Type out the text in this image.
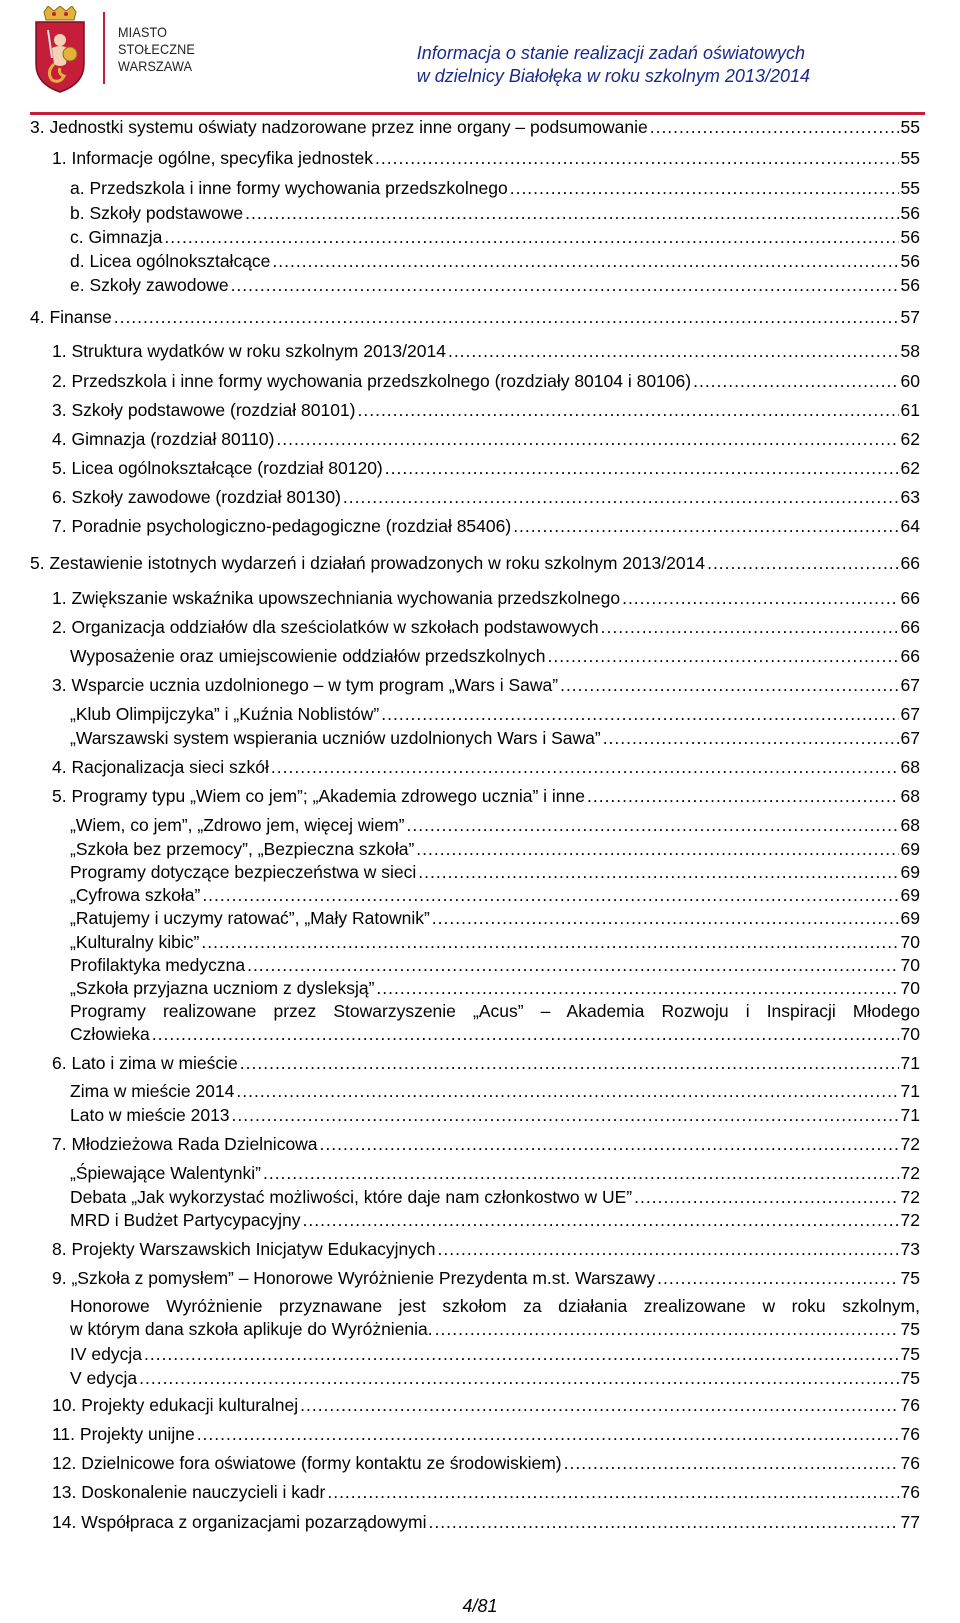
MIASTO
STOŁECZNE
WARSZAWA
Informacja o stanie realizacji zadań oświatowych
w dzielnicy Białołęka w roku szkolnym 2013/2014
3. Jednostki systemu oświaty nadzorowane przez inne organy – podsumowanie .....	55
1. Informacje ogólne, specyfika jednostek .....	55
a. Przedszkola i inne formy wychowania przedszkolnego .....	55
b. Szkoły podstawowe .....	56
c. Gimnazja .....	56
d. Licea ogólnokształcące .....	56
e. Szkoły zawodowe .....	56
4. Finanse .....	57
1. Struktura wydatków w roku szkolnym 2013/2014 .....	58
2. Przedszkola i inne formy wychowania przedszkolnego (rozdziały 80104 i 80106) .....	60
3. Szkoły podstawowe (rozdział 80101) .....	61
4. Gimnazja (rozdział 80110) .....	62
5. Licea ogólnokształcące (rozdział 80120) .....	62
6. Szkoły zawodowe (rozdział 80130) .....	63
7. Poradnie psychologiczno-pedagogiczne (rozdział 85406) .....	64
5. Zestawienie istotnych wydarzeń i działań prowadzonych w roku szkolnym 2013/2014 .....	66
1. Zwiększanie wskaźnika upowszechniania wychowania przedszkolnego .....	66
2. Organizacja oddziałów dla sześciolatków w szkołach podstawowych .....	66
Wyposażenie oraz umiejscowienie oddziałów przedszkolnych .....	66
3. Wsparcie ucznia uzdolnionego – w tym program „Wars i Sawa” .....	67
„Klub Olimpijczyka” i „Kuźnia Noblistów” .....	67
„Warszawski system wspierania uczniów uzdolnionych Wars i Sawa” .....	67
4. Racjonalizacja sieci szkół .....	68
5. Programy typu „Wiem co jem”; „Akademia zdrowego ucznia” i inne .....	68
„Wiem, co jem”, „Zdrowo jem, więcej wiem” .....	68
„Szkoła bez przemocy”, „Bezpieczna szkoła” .....	69
Programy dotyczące bezpieczeństwa w sieci .....	69
„Cyfrowa szkoła” .....	69
„Ratujemy i uczymy ratować”, „Mały Ratownik” .....	69
„Kulturalny kibic” .....	70
Profilaktyka medyczna .....	70
„Szkoła przyjazna uczniom z dysleksją” .....	70
Programy realizowane przez Stowarzyszenie „Acus” – Akademia Rozwoju i Inspiracji Młodego
Człowieka .....	70
6. Lato i zima w mieście .....	71
Zima w mieście 2014 .....	71
Lato w mieście 2013 .....	71
7. Młodzieżowa Rada Dzielnicowa .....	72
„Śpiewające Walentynki” .....	72
Debata „Jak wykorzystać możliwości, które daje nam członkostwo w UE” .....	72
MRD i Budżet Partycypacyjny .....	72
8. Projekty Warszawskich Inicjatyw Edukacyjnych .....	73
9. „Szkoła z pomysłem” – Honorowe Wyróżnienie Prezydenta m.st. Warszawy .....	75
Honorowe Wyróżnienie przyznawane jest szkołom za działania zrealizowane w roku szkolnym,
w którym dana szkoła aplikuje do Wyróżnienia. .....	75
IV edycja .....	75
V edycja .....	75
10. Projekty edukacji kulturalnej .....	76
11. Projekty unijne .....	76
12. Dzielnicowe fora oświatowe (formy kontaktu ze środowiskiem) .....	76
13. Doskonalenie nauczycieli i kadr .....	76
14. Współpraca z organizacjami pozarządowymi .....	77
4/81
